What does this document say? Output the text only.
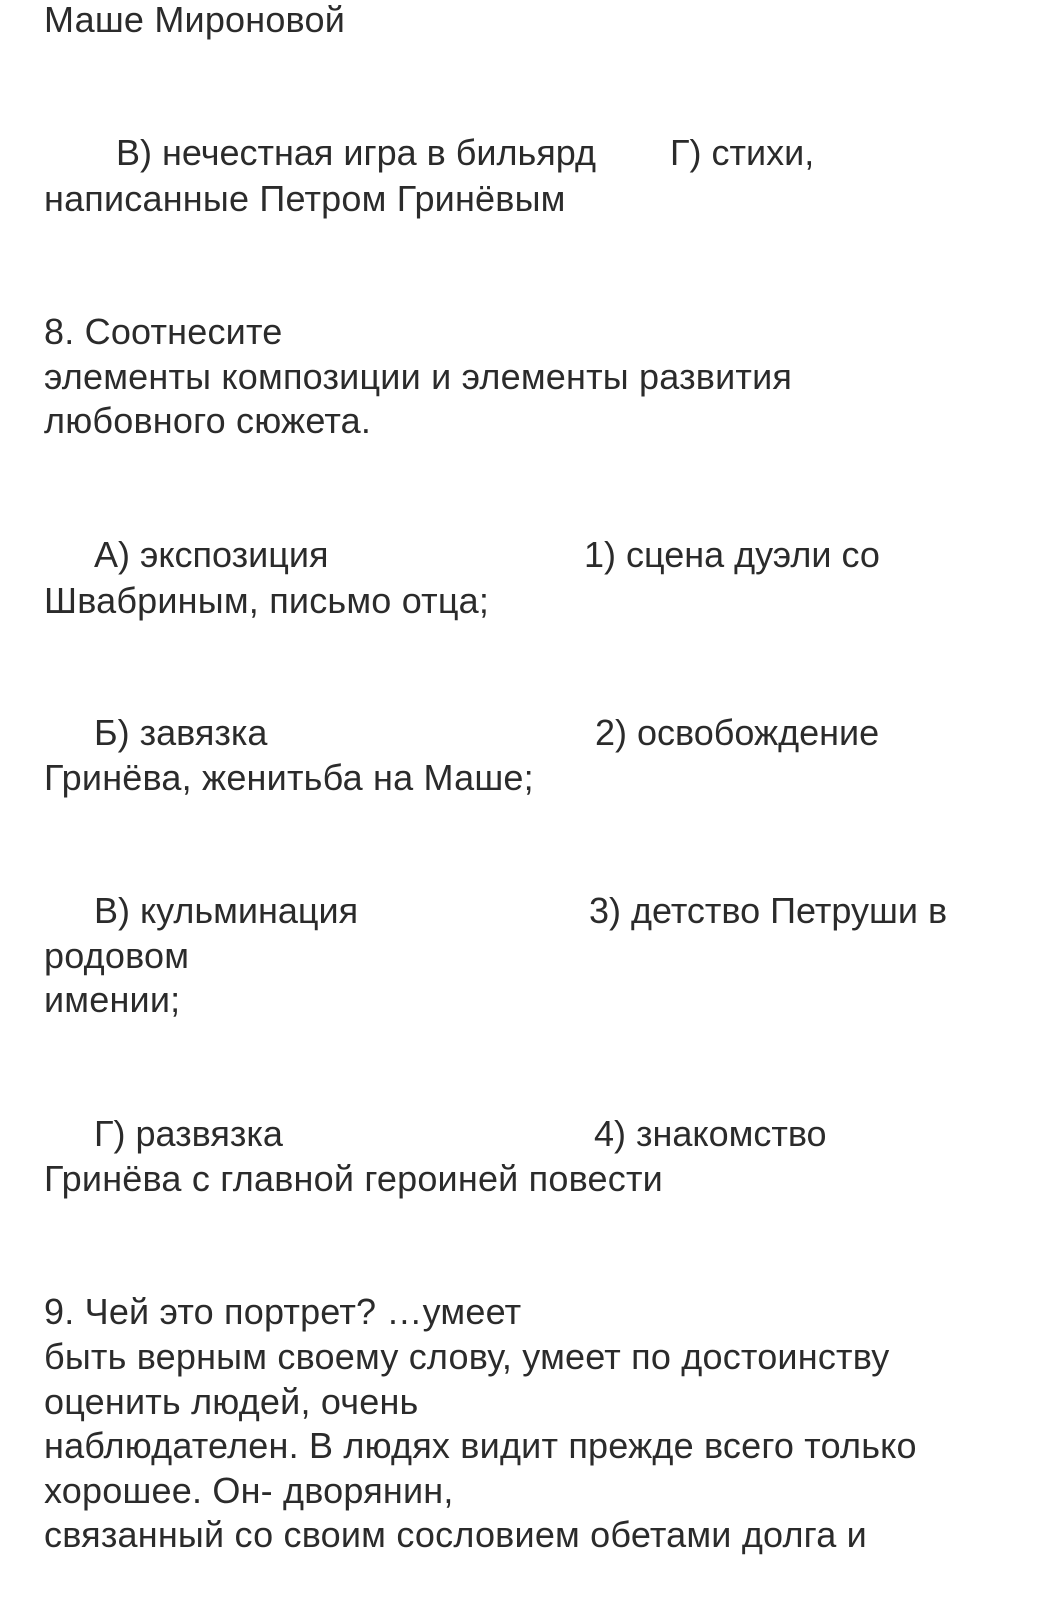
Маше Мироновой
В) нечестная игра в бильярд Г) стихи,
написанные Петром Гринёвым
8. Соотнесите
элементы композиции и элементы развития
любовного сюжета.
А) экспозиция	1) сцена дуэли со
Швабриным, письмо отца;
Б) завязка	2) освобождение
Гринёва, женитьба на Маше;
В) кульминация	3) детство Петруши в
родовом
имении;
Г) развязка	4) знакомство
Гринёва с главной героиней повести
9. Чей это портрет? …умеет
быть верным своему слову, умеет по достоинству
оценить людей, очень
наблюдателен. В людях видит прежде всего только
хорошее. Он- дворянин,
связанный со своим сословием обетами долга и
